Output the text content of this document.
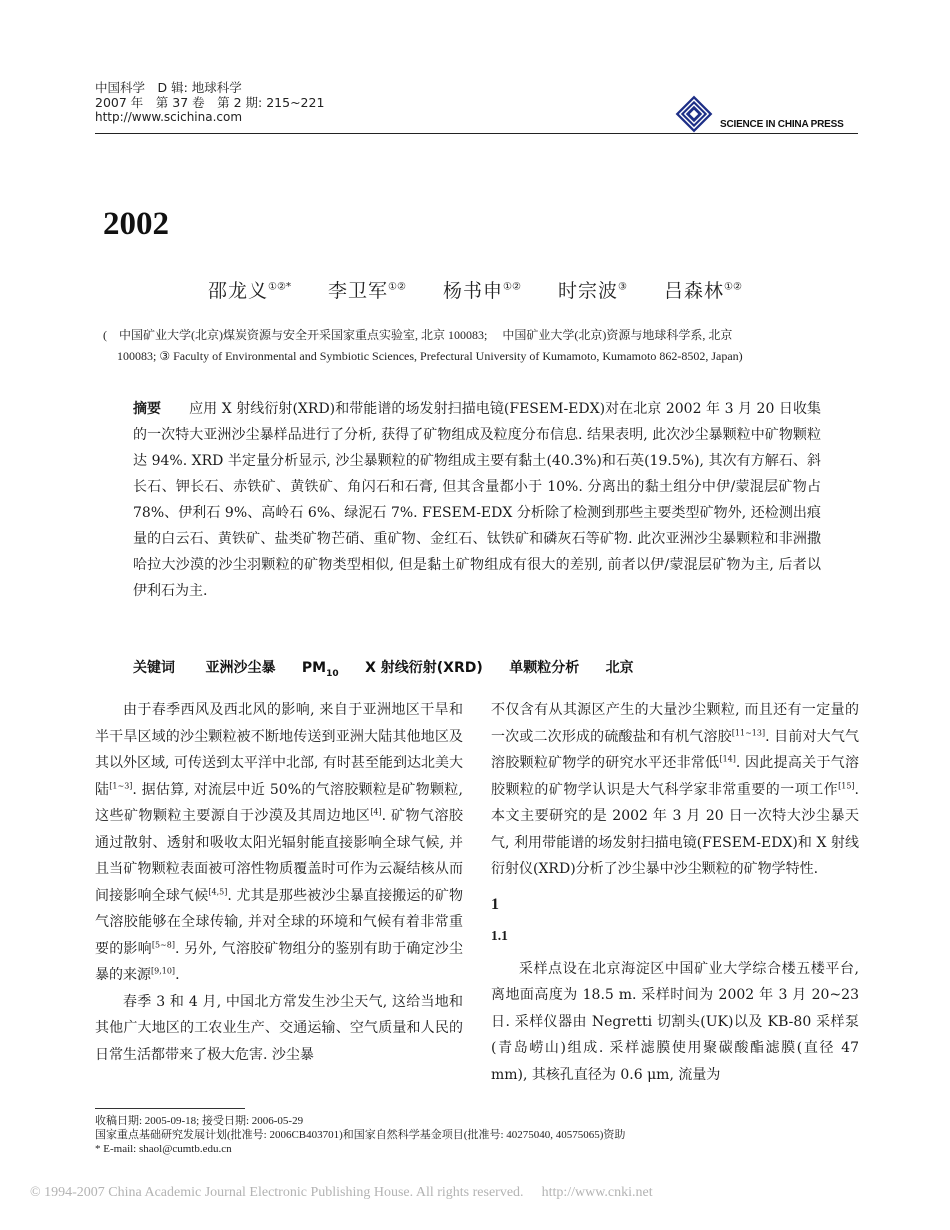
中国科学　D 辑: 地球科学
2007 年　第 37 卷　第 2 期: 215~221
http://www.scichina.com
SCIENCE IN CHINA PRESS
2002
邵龙义①②* 李卫军①② 杨书申①② 时宗波③ 吕森林①②
(　中国矿业大学(北京)煤炭资源与安全开采国家重点实验室, 北京 100083;　 中国矿业大学(北京)资源与地球科学系, 北京
100083; ③ Faculty of Environmental and Symbiotic Sciences, Prefectural University of Kumamoto, Kumamoto 862-8502, Japan)
摘要 应用 X 射线衍射(XRD)和带能谱的场发射扫描电镜(FESEM-EDX)对在北京 2002 年 3 月 20 日收集的一次特大亚洲沙尘暴样品进行了分析, 获得了矿物组成及粒度分布信息. 结果表明, 此次沙尘暴颗粒中矿物颗粒达 94%. XRD 半定量分析显示, 沙尘暴颗粒的矿物组成主要有黏土(40.3%)和石英(19.5%), 其次有方解石、斜长石、钾长石、赤铁矿、黄铁矿、角闪石和石膏, 但其含量都小于 10%. 分离出的黏土组分中伊/蒙混层矿物占 78%、伊利石 9%、高岭石 6%、绿泥石 7%. FESEM-EDX 分析除了检测到那些主要类型矿物外, 还检测出痕量的白云石、黄铁矿、盐类矿物芒硝、重矿物、金红石、钛铁矿和磷灰石等矿物. 此次亚洲沙尘暴颗粒和非洲撒哈拉大沙漠的沙尘羽颗粒的矿物类型相似, 但是黏土矿物组成有很大的差别, 前者以伊/蒙混层矿物为主, 后者以伊利石为主.
关键词 亚洲沙尘暴 $PM_{10}$ X 射线衍射(XRD) 单颗粒分析 北京

由于春季西风及西北风的影响, 来自于亚洲地区干旱和半干旱区域的沙尘颗粒被不断地传送到亚洲大陆其他地区及其以外区域, 可传送到太平洋中北部, 有时甚至能到达北美大陆[1~3]. 据估算, 对流层中近 50%的气溶胶颗粒是矿物颗粒, 这些矿物颗粒主要源自于沙漠及其周边地区[4]. 矿物气溶胶通过散射、透射和吸收太阳光辐射能直接影响全球气候, 并且当矿物颗粒表面被可溶性物质覆盖时可作为云凝结核从而间接影响全球气候[4,5]. 尤其是那些被沙尘暴直接搬运的矿物气溶胶能够在全球传输, 并对全球的环境和气候有着非常重要的影响[5~8]. 另外, 气溶胶矿物组分的鉴别有助于确定沙尘暴的来源[9,10].

春季 3 和 4 月, 中国北方常发生沙尘天气, 这给当地和其他广大地区的工农业生产、交通运输、空气质量和人民的日常生活都带来了极大危害. 沙尘暴

不仅含有从其源区产生的大量沙尘颗粒, 而且还有一定量的一次或二次形成的硫酸盐和有机气溶胶[11~13]. 目前对大气气溶胶颗粒矿物学的研究水平还非常低[14]. 因此提高关于气溶胶颗粒的矿物学认识是大气科学家非常重要的一项工作[15]. 本文主要研究的是 2002 年 3 月 20 日一次特大沙尘暴天气, 利用带能谱的场发射扫描电镜(FESEM-EDX)和 X 射线衍射仪(XRD)分析了沙尘暴中沙尘颗粒的矿物学特性.

1
1.1

采样点设在北京海淀区中国矿业大学综合楼五楼平台, 离地面高度为 18.5 m. 采样时间为 2002 年 3 月 20~23 日. 采样仪器由 Negretti 切割头(UK)以及 KB-80 采样泵(青岛崂山)组成. 采样滤膜使用聚碳酸酯滤膜(直径 47 mm), 其核孔直径为 0.6 μm, 流量为

收稿日期: 2005-09-18; 接受日期: 2006-05-29
国家重点基础研究发展计划(批准号: 2006CB403701)和国家自然科学基金项目(批准号: 40275040, 40575065)资助
* E-mail: shaol@cumtb.edu.cn
© 1994-2007 China Academic Journal Electronic Publishing House. All rights reserved. http://www.cnki.net
